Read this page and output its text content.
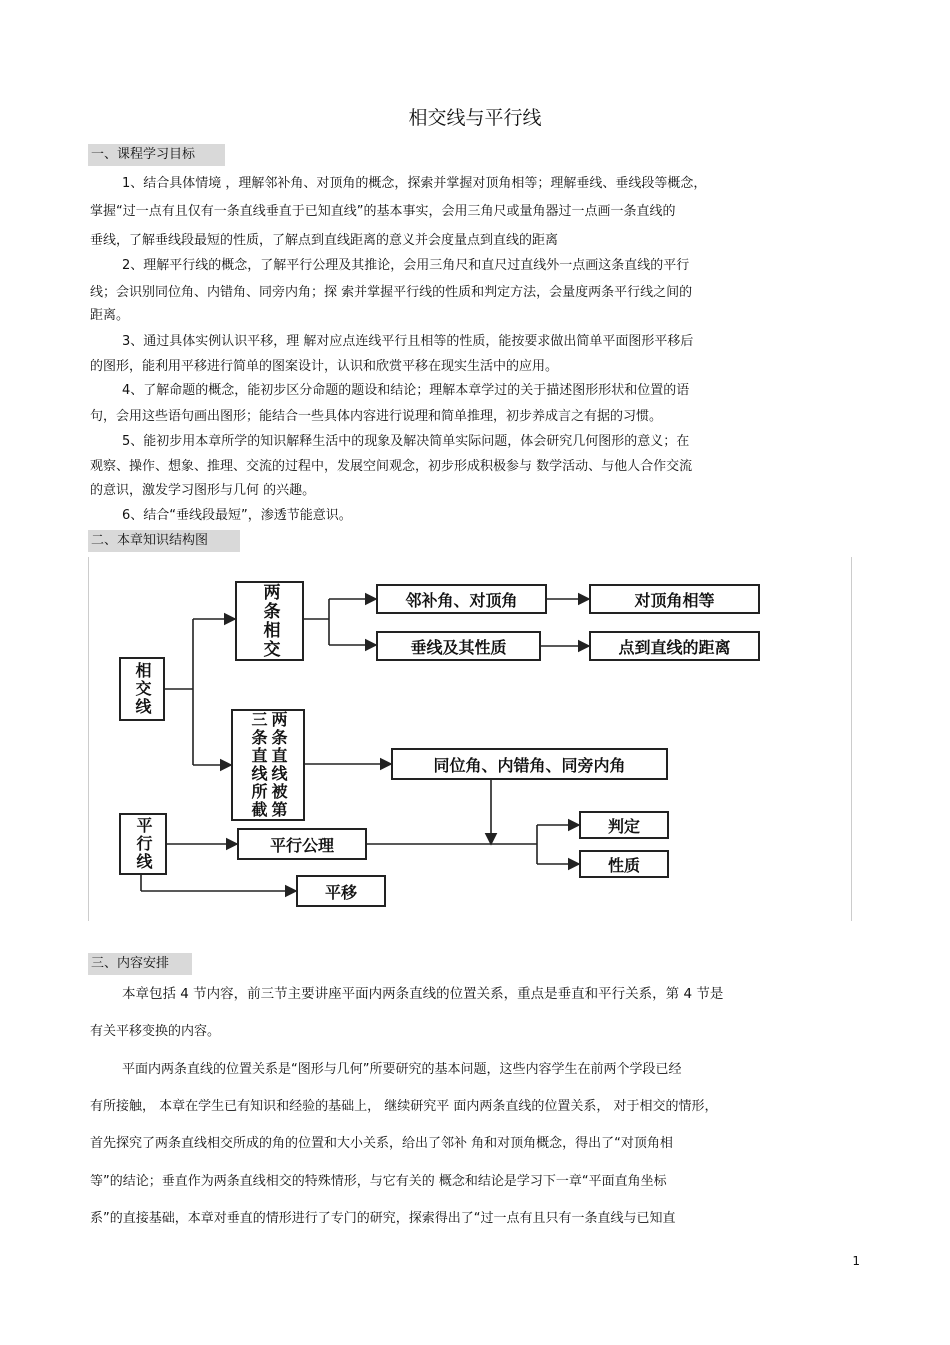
相交线与平行线
一、课程学习目标
1、结合具体情境 ，理解邻补角、对顶角的概念，探索并掌握对顶角相等；理解垂线、垂线段等概念，
掌握“过一点有且仅有一条直线垂直于已知直线”的基本事实，会用三角尺或量角器过一点画一条直线的
垂线，了解垂线段最短的性质，了解点到直线距离的意义并会度量点到直线的距离
2、理解平行线的概念，了解平行公理及其推论，会用三角尺和直尺过直线外一点画这条直线的平行
线；会识别同位角、内错角、同旁内角；探 索并掌握平行线的性质和判定方法，会量度两条平行线之间的
距离。
3、通过具体实例认识平移，理 解对应点连线平行且相等的性质，能按要求做出简单平面图形平移后
的图形，能利用平移进行简单的图案设计，认识和欣赏平移在现实生活中的应用。
4、了解命题的概念，能初步区分命题的题设和结论；理解本章学过的关于描述图形形状和位置的语
句，会用这些语句画出图形；能结合一些具体内容进行说理和简单推理，初步养成言之有据的习惯。
5、能初步用本章所学的知识解释生活中的现象及解决简单实际问题，体会研究几何图形的意义；在
观察、操作、想象、推理、交流的过程中，发展空间观念，初步形成积极参与 数学活动、与他人合作交流
的意识，激发学习图形与几何 的兴趣。
6、结合“垂线段最短”，渗透节能意识。
二、本章知识结构图
相交线
两条相交	邻补角、对顶角	对顶角相等
垂线及其性质	点到直线的距离
两条直线被第三条直线所截	同位角、内错角、同旁内角
平行线	平行公理
判定
性质
平移
三、内容安排
本章包括 4 节内容，前三节主要讲座平面内两条直线的位置关系，重点是垂直和平行关系，第 4 节是
有关平移变换的内容。
平面内两条直线的位置关系是“图形与几何”所要研究的基本问题，这些内容学生在前两个学段已经
有所接触， 本章在学生已有知识和经验的基础上， 继续研究平 面内两条直线的位置关系， 对于相交的情形，
首先探究了两条直线相交所成的角的位置和大小关系，给出了邻补 角和对顶角概念，得出了“对顶角相
等”的结论；垂直作为两条直线相交的特殊情形，与它有关的 概念和结论是学习下一章“平面直角坐标
系”的直接基础，本章对垂直的情形进行了专门的研究，探索得出了“过一点有且只有一条直线与已知直
1
